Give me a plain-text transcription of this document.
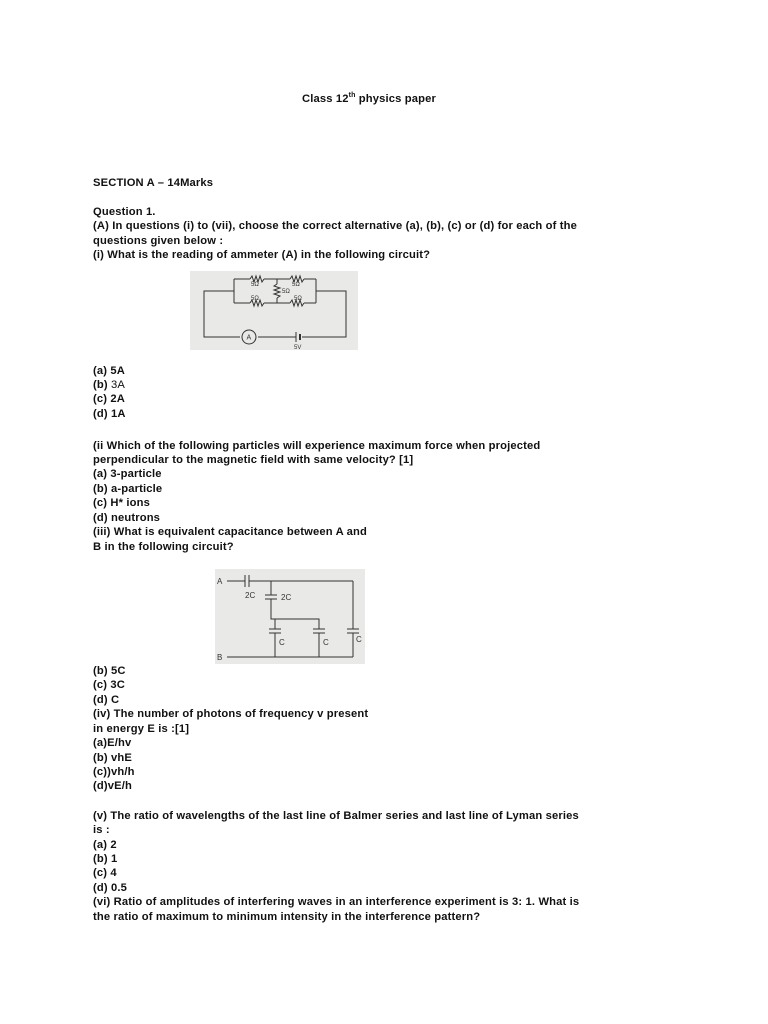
Class 12th physics paper
SECTION A – 14Marks
Question 1.
(A) In questions (i) to (vii), choose the correct alternative (a), (b), (c) or (d) for each of the
questions given below :
(i) What is the reading of ammeter (A) in the following circuit?
5Ω	5Ω
5Ω
5Ω	5Ω
A
5V
(a) 5A
(b) 3A
(c) 2A
(d) 1A
(ii Which of the following particles will experience maximum force when projected
perpendicular to the magnetic field with same velocity? [1]
(a) 3-particle
(b) a-particle
(c) H* ions
(d) neutrons
(iii) What is equivalent capacitance between A and
B in the following circuit?
A
B
2C	2C
C	C	C
(b) 5C
(c) 3C
(d) C
(iv) The number of photons of frequency v present
in energy E is :[1]
(a)E/hv
(b) vhE
(c))vh/h
(d)vE/h
(v) The ratio of wavelengths of the last line of Balmer series and last line of Lyman series
is :
(a) 2
(b) 1
(c) 4
(d) 0.5
(vi) Ratio of amplitudes of interfering waves in an interference experiment is 3: 1. What is
the ratio of maximum to minimum intensity in the interference pattern?
